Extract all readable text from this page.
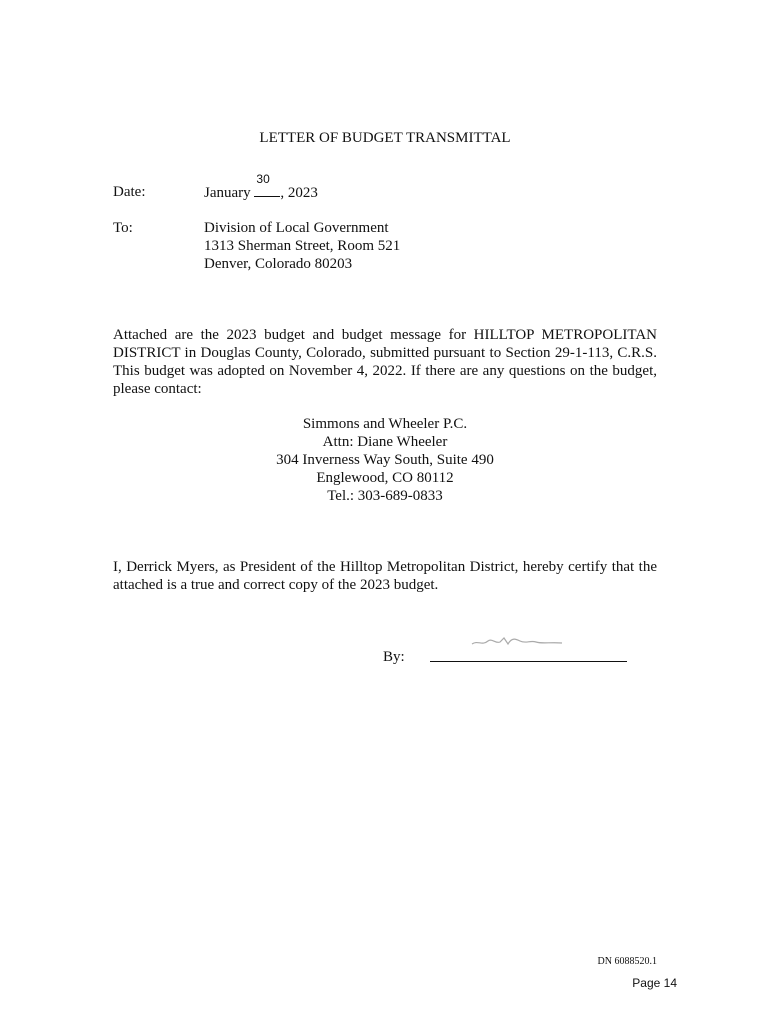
LETTER OF BUDGET TRANSMITTAL
Date:	January
30
, 2023
To:	Division of Local Government
1313 Sherman Street, Room 521
Denver, Colorado 80203
Attached are the 2023 budget and budget message for HILLTOP METROPOLITAN DISTRICT in Douglas County, Colorado, submitted pursuant to Section 29-1-113, C.R.S. This budget was adopted on November 4, 2022. If there are any questions on the budget, please contact:
Simmons and Wheeler P.C.
Attn: Diane Wheeler
304 Inverness Way South, Suite 490
Englewood, CO 80112
Tel.: 303-689-0833
I, Derrick Myers, as President of the Hilltop Metropolitan District, hereby certify that the attached is a true and correct copy of the 2023 budget.
By:
DN 6088520.1
Page 14
